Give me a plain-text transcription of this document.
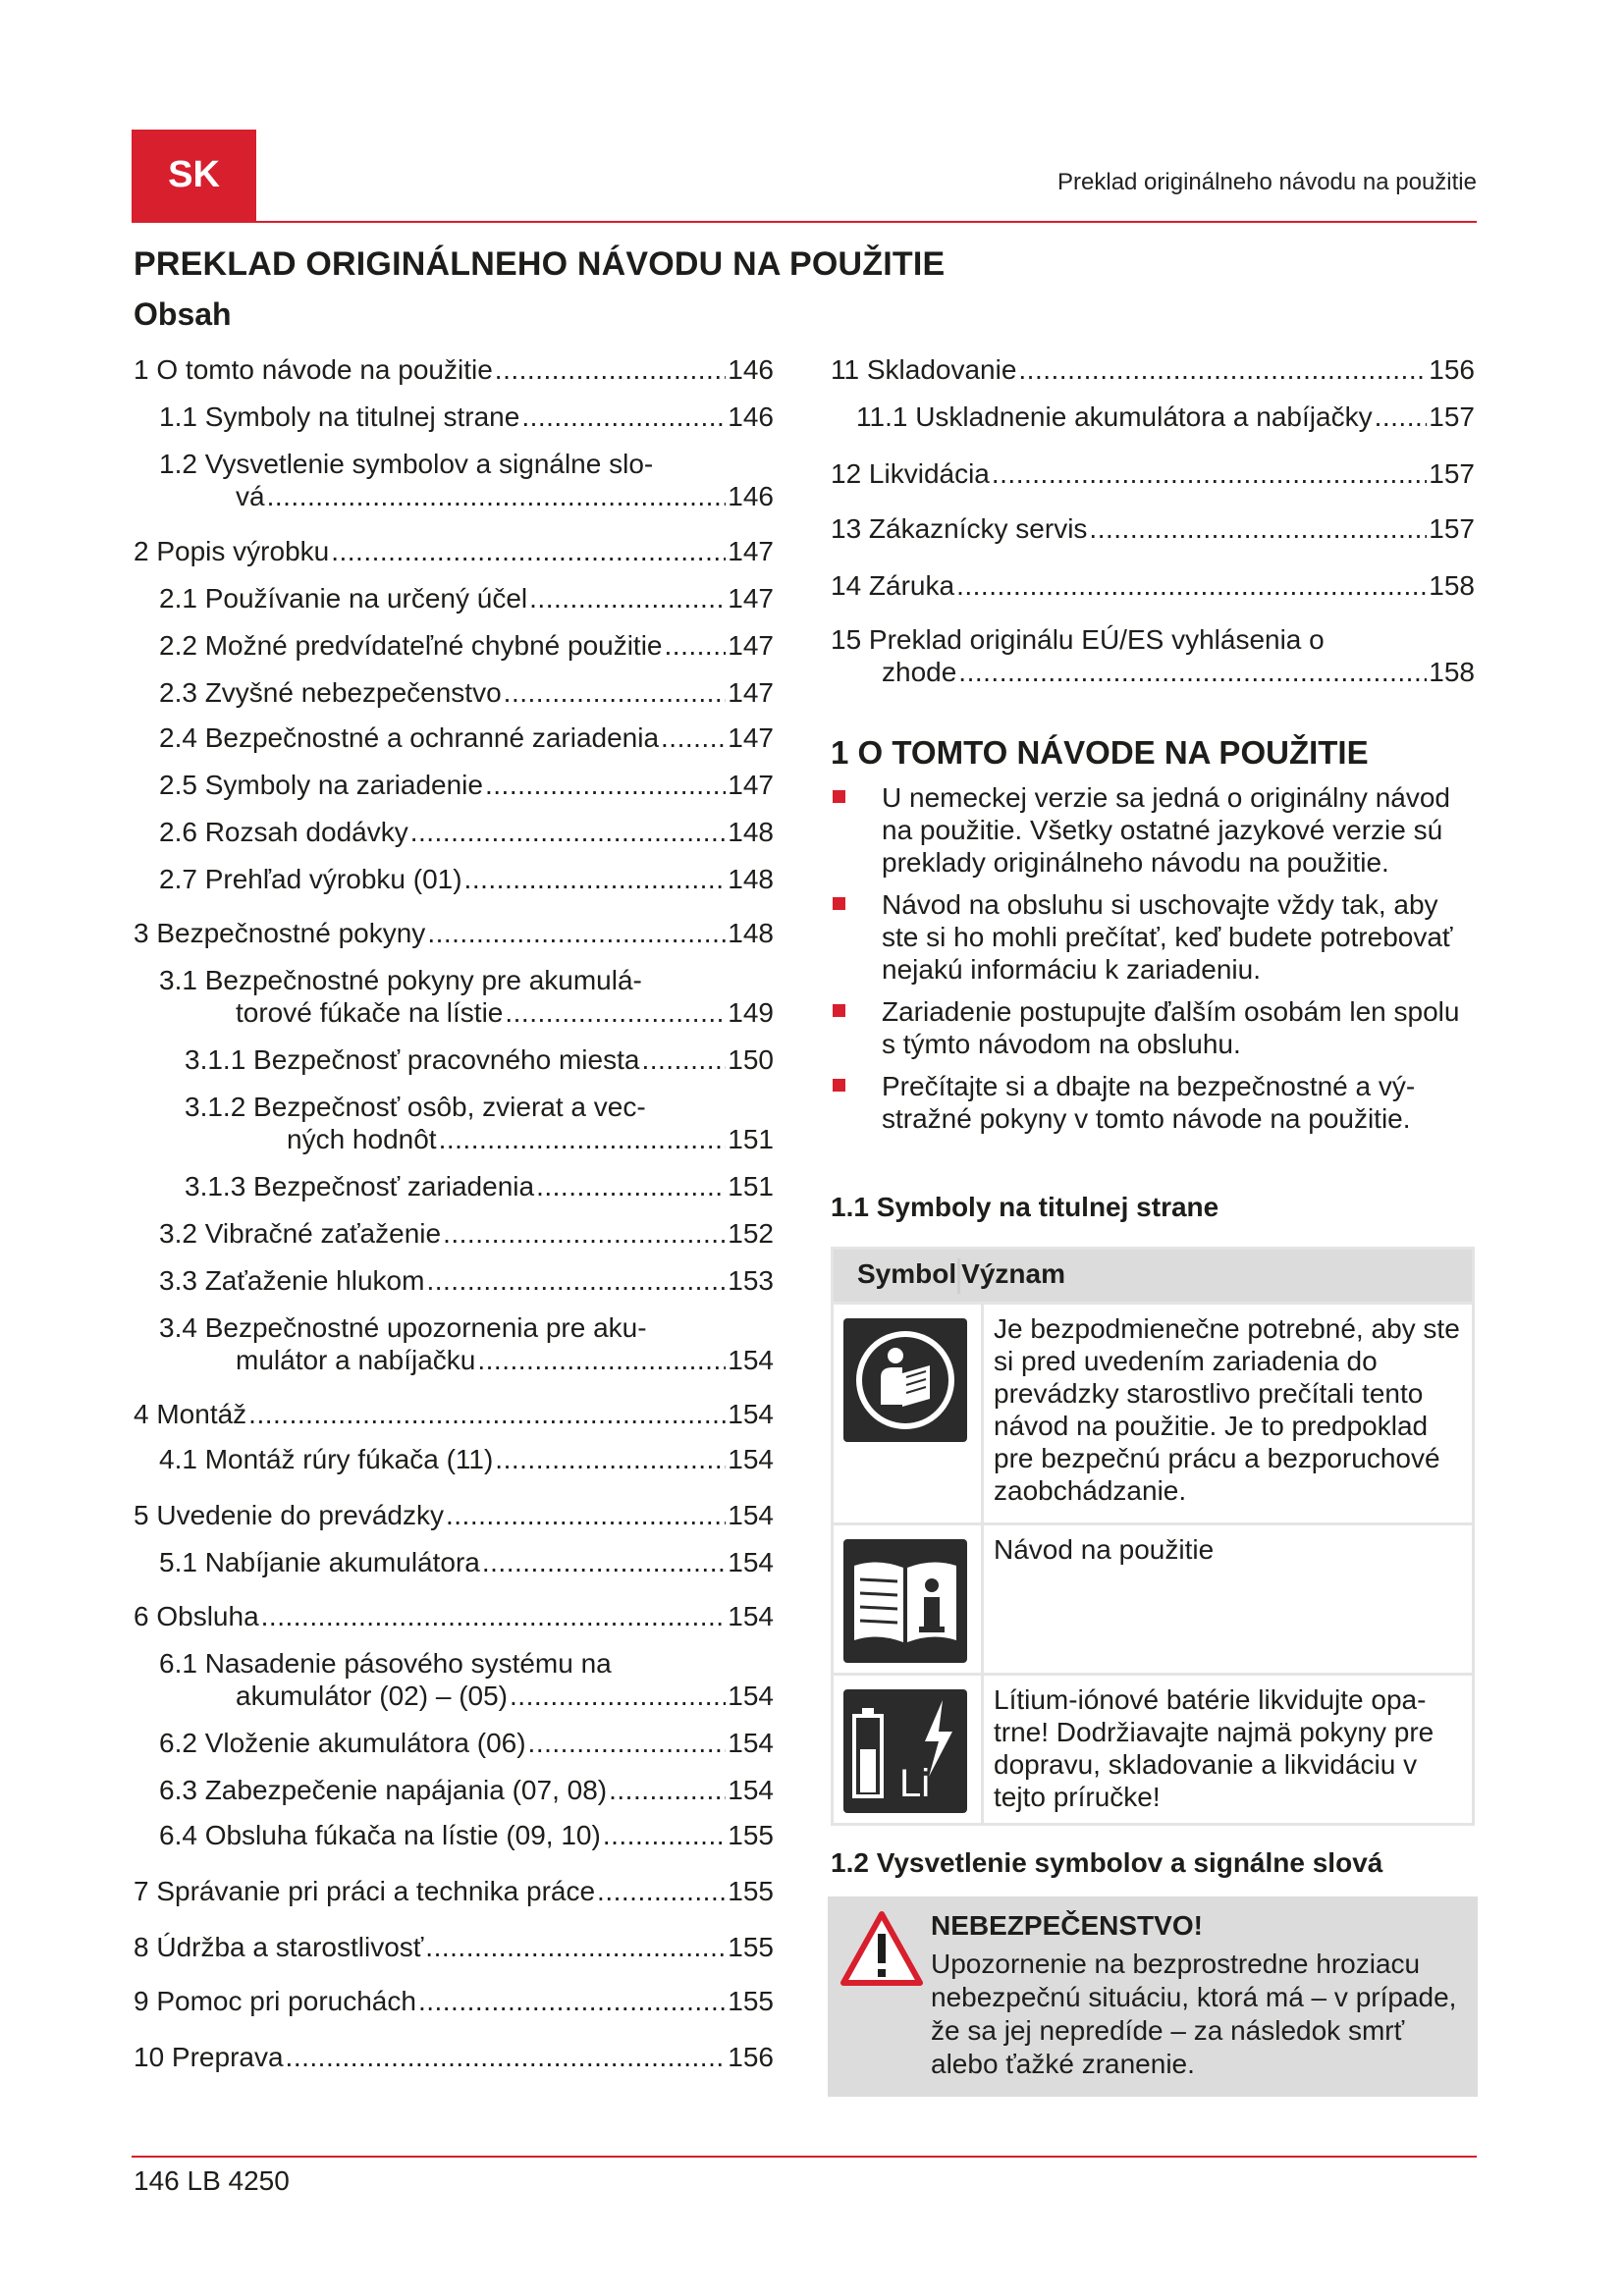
SK	Preklad originálneho návodu na použitie
PREKLAD ORIGINÁLNEHO NÁVODU NA POUŽITIE
Obsah
1 O tomto návode na použitie .....	146
1.1 Symboly na titulnej strane .....	146
1.2 Vysvetlenie symbolov a signálne slo-
vá .....	146
2 Popis výrobku .....	147
2.1 Používanie na určený účel .....	147
2.2 Možné predvídateľné chybné použitie ..... 147
2.3 Zvyšné nebezpečenstvo .....	147
2.4 Bezpečnostné a ochranné zariadenia .....	147
2.5 Symboly na zariadenie .....	147
2.6 Rozsah dodávky .....	148
2.7 Prehľad výrobku (01) .....	148
3 Bezpečnostné pokyny .....	148
3.1 Bezpečnostné pokyny pre akumulá-
torové fúkače na lístie .....	149
3.1.1 Bezpečnosť pracovného miesta .....	150
3.1.2 Bezpečnosť osôb, zvierat a vec-
ných hodnôt .....	151
3.1.3 Bezpečnosť zariadenia .....	151
3.2 Vibračné zaťaženie .....	152
3.3 Zaťaženie hlukom .....	153
3.4 Bezpečnostné upozornenia pre aku-
mulátor a nabíjačku .....	154
4 Montáž .....	154
4.1 Montáž rúry fúkača (11) .....	154
5 Uvedenie do prevádzky .....	154
5.1 Nabíjanie akumulátora .....	154
6 Obsluha .....	154
6.1 Nasadenie pásového systému na
akumulátor (02) – (05) .....	154
6.2 Vloženie akumulátora (06) .....	154
6.3 Zabezpečenie napájania (07, 08) .....	154
6.4 Obsluha fúkača na lístie (09, 10) .....	155
7 Správanie pri práci a technika práce .....	155
8 Údržba a starostlivosť .....	155
9 Pomoc pri poruchách .....	155
10 Preprava .....	156
11 Skladovanie .....	156
11.1 Uskladnenie akumulátora a nabíjačky ..... 157
12 Likvidácia .....	157
13 Zákaznícky servis .....	157
14 Záruka .....	158
15 Preklad originálu EÚ/ES vyhlásenia o
zhode .....	158
1 O TOMTO NÁVODE NA POUŽITIE
U nemeckej verzie sa jedná o originálny návod na použitie. Všetky ostatné jazykové verzie sú preklady originálneho návodu na použitie.
Návod na obsluhu si uschovajte vždy tak, aby ste si ho mohli prečítať, keď budete potrebovať nejakú informáciu k zariadeniu.
Zariadenie postupujte ďalším osobám len spolu s týmto návodom na obsluhu.
Prečítajte si a dbajte na bezpečnostné a výstražné pokyny v tomto návode na použitie.
1.1 Symboly na titulnej strane
Symbol Význam	

	Je bezpodmienečne potrebné, aby ste si pred uvedením zariadenia do prevádzky starostlivo prečítali tento návod na použitie. Je to predpoklad pre bezpečnú prácu a bezporuchové zaobchádzanie.

	Návod na použitie

Li	Lítium-iónové batérie likvidujte opatrne! Dodržiavajte najmä pokyny pre dopravu, skladovanie a likvidáciu v tejto príručke!
1.2 Vysvetlenie symbolov a signálne slová
NEBEZPEČENSTVO!
Upozornenie na bezprostredne hroziacu nebezpečnú situáciu, ktorá má – v prípade, že sa jej nepredíde – za následok smrť alebo ťažké zranenie.
146 LB 4250
